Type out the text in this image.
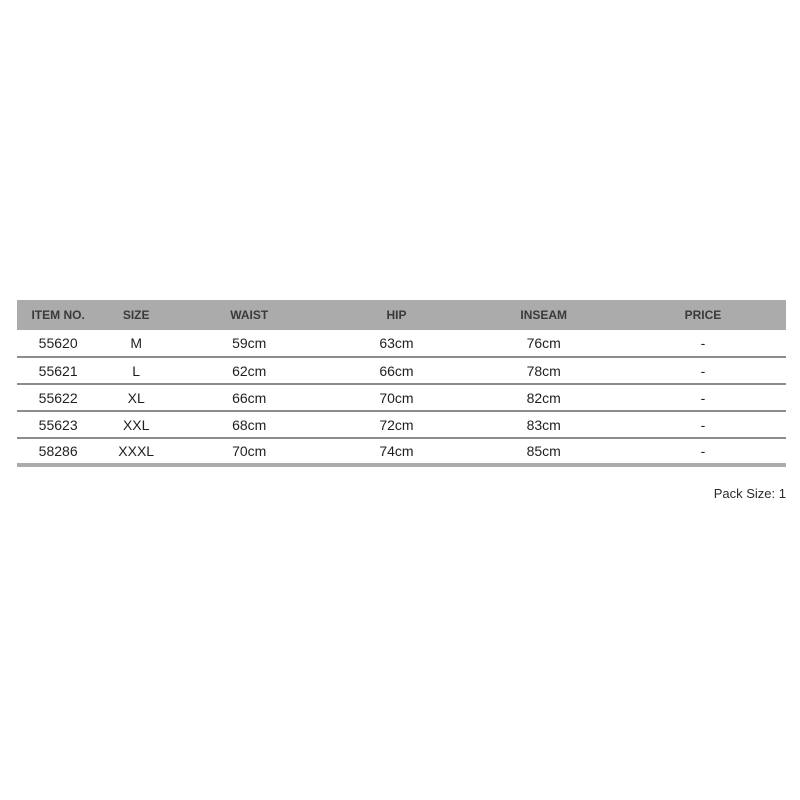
ITEM NO.	SIZE	WAIST	HIP	INSEAM	PRICE
55620	M	59cm	63cm	76cm	-
55621	L	62cm	66cm	78cm	-
55622	XL	66cm	70cm	82cm	-
55623	XXL	68cm	72cm	83cm	-
58286	XXXL	70cm	74cm	85cm	-
Pack Size: 1
